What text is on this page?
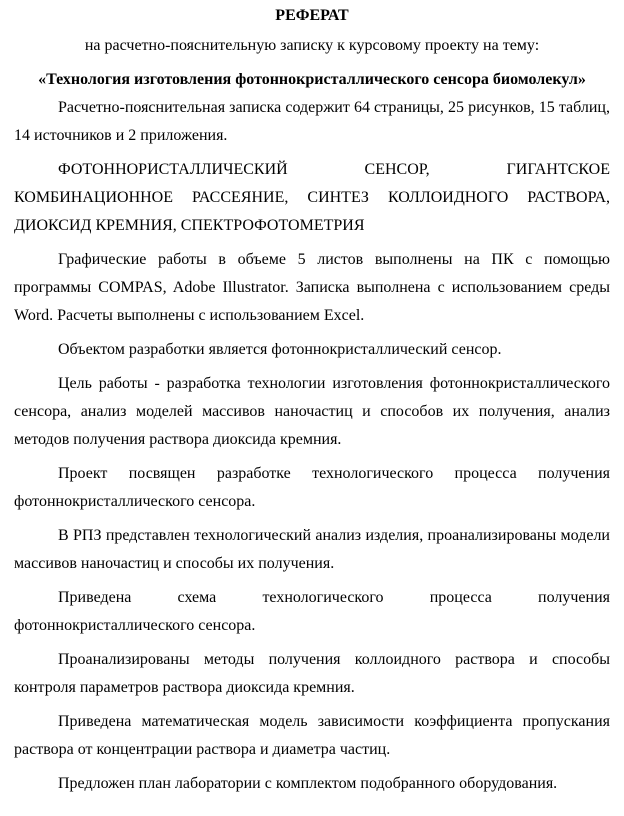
РЕФЕРАТ
на расчетно-пояснительную записку к курсовому проекту на тему:
«Технология изготовления фотоннокристаллического сенсора биомолекул»

Расчетно-пояснительная записка содержит 64 страницы, 25 рисунков, 15 таблиц, 14 источников и 2 приложения.

ФОТОННОРИСТАЛЛИЧЕСКИЙ СЕНСОР, ГИГАНТСКОЕ КОМБИНАЦИОННОЕ РАССЕЯНИЕ, СИНТЕЗ КОЛЛОИДНОГО РАСТВОРА, ДИОКСИД КРЕМНИЯ, СПЕКТРОФОТОМЕТРИЯ

Графические работы в объеме 5 листов выполнены на ПК с помощью программы COMPAS, Adobe Illustrator. Записка выполнена с использованием среды Word. Расчеты выполнены с использованием Excel.

Объектом разработки является фотоннокристаллический сенсор.

Цель работы - разработка технологии изготовления фотоннокристаллического сенсора, анализ моделей массивов наночастиц и способов их получения, анализ методов получения раствора диоксида кремния.

Проект посвящен разработке технологического процесса получения фотоннокристаллического сенсора.

В РПЗ представлен технологический анализ изделия, проанализированы модели массивов наночастиц и способы их получения.

Приведена схема технологического процесса получения фотоннокристаллического сенсора.

Проанализированы методы получения коллоидного раствора и способы контроля параметров раствора диоксида кремния.

Приведена математическая модель зависимости коэффициента пропускания раствора от концентрации раствора и диаметра частиц.

Предложен план лаборатории с комплектом подобранного оборудования.
